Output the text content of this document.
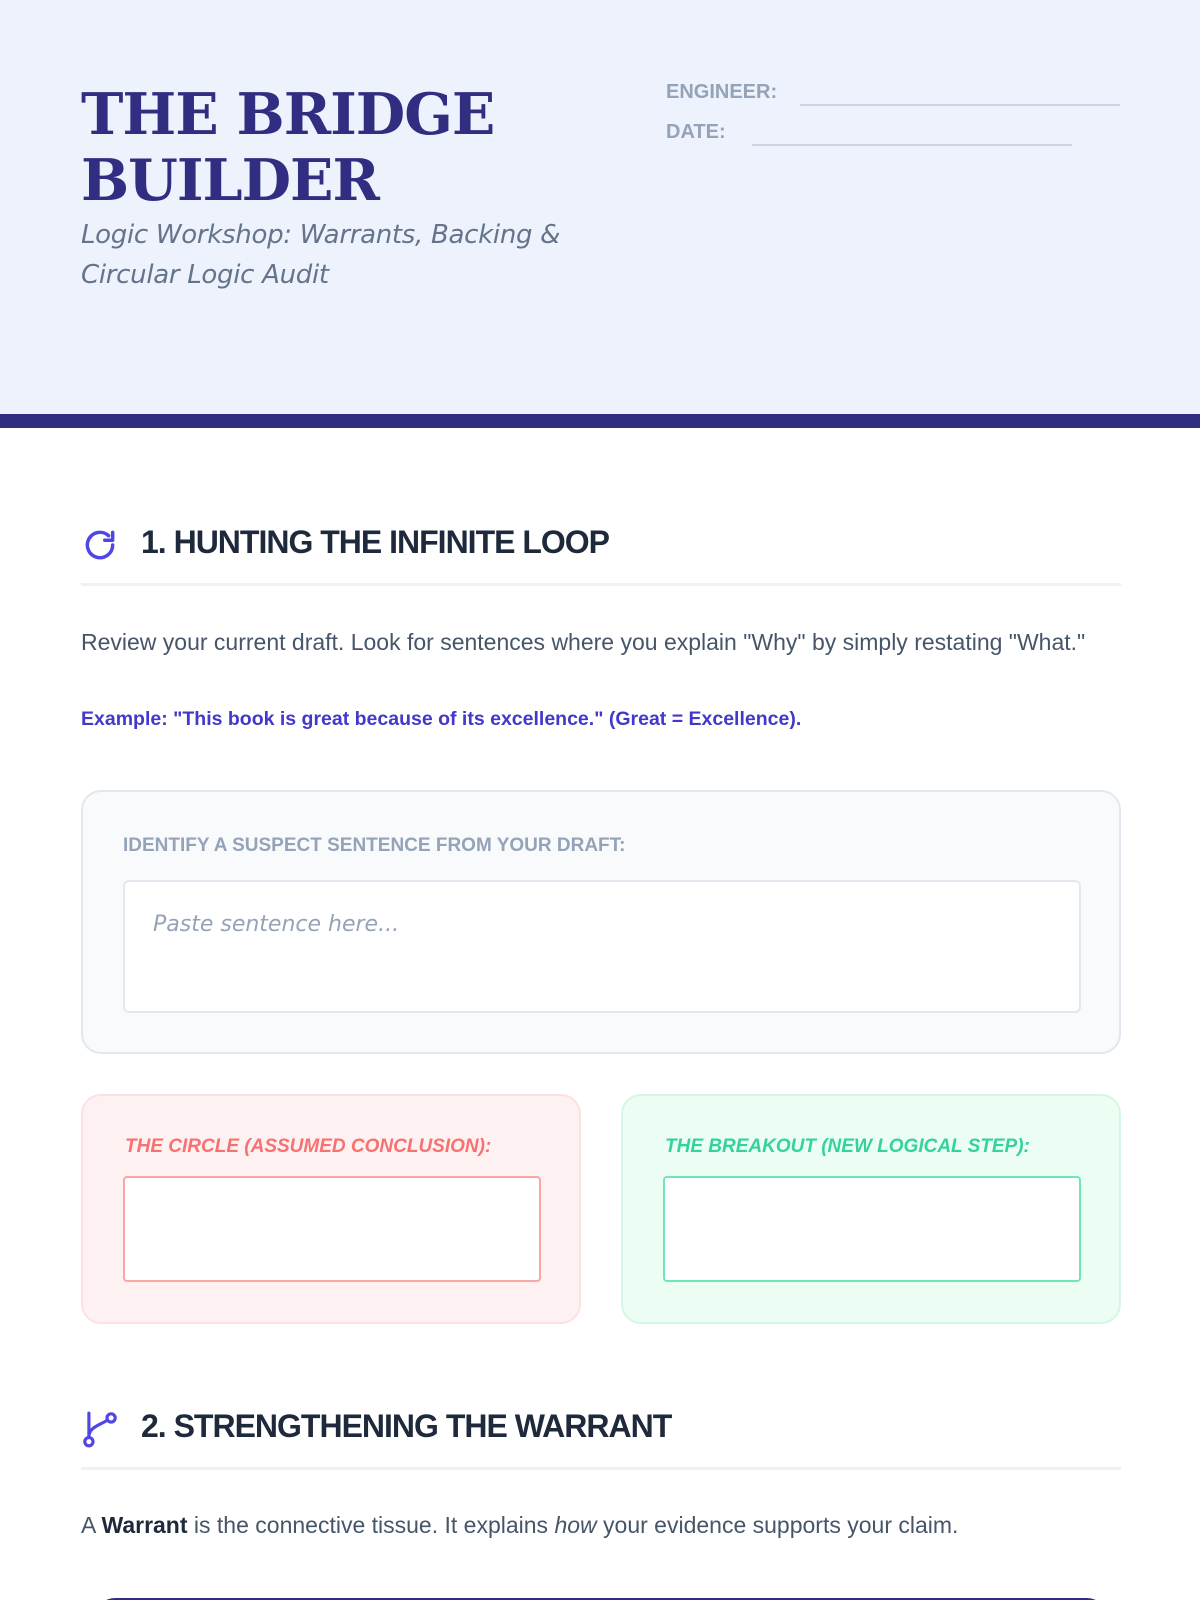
THE BRIDGE BUILDER
Logic Workshop: Warrants, Backing & Circular Logic Audit
ENGINEER:
DATE:
1. HUNTING THE INFINITE LOOP
Review your current draft. Look for sentences where you explain "Why" by simply restating "What."
Example: "This book is great because of its excellence." (Great = Excellence).
IDENTIFY A SUSPECT SENTENCE FROM YOUR DRAFT:
Paste sentence here...
THE CIRCLE (ASSUMED CONCLUSION):	THE BREAKOUT (NEW LOGICAL STEP):
2. STRENGTHENING THE WARRANT
A Warrant is the connective tissue. It explains how your evidence supports your claim.
